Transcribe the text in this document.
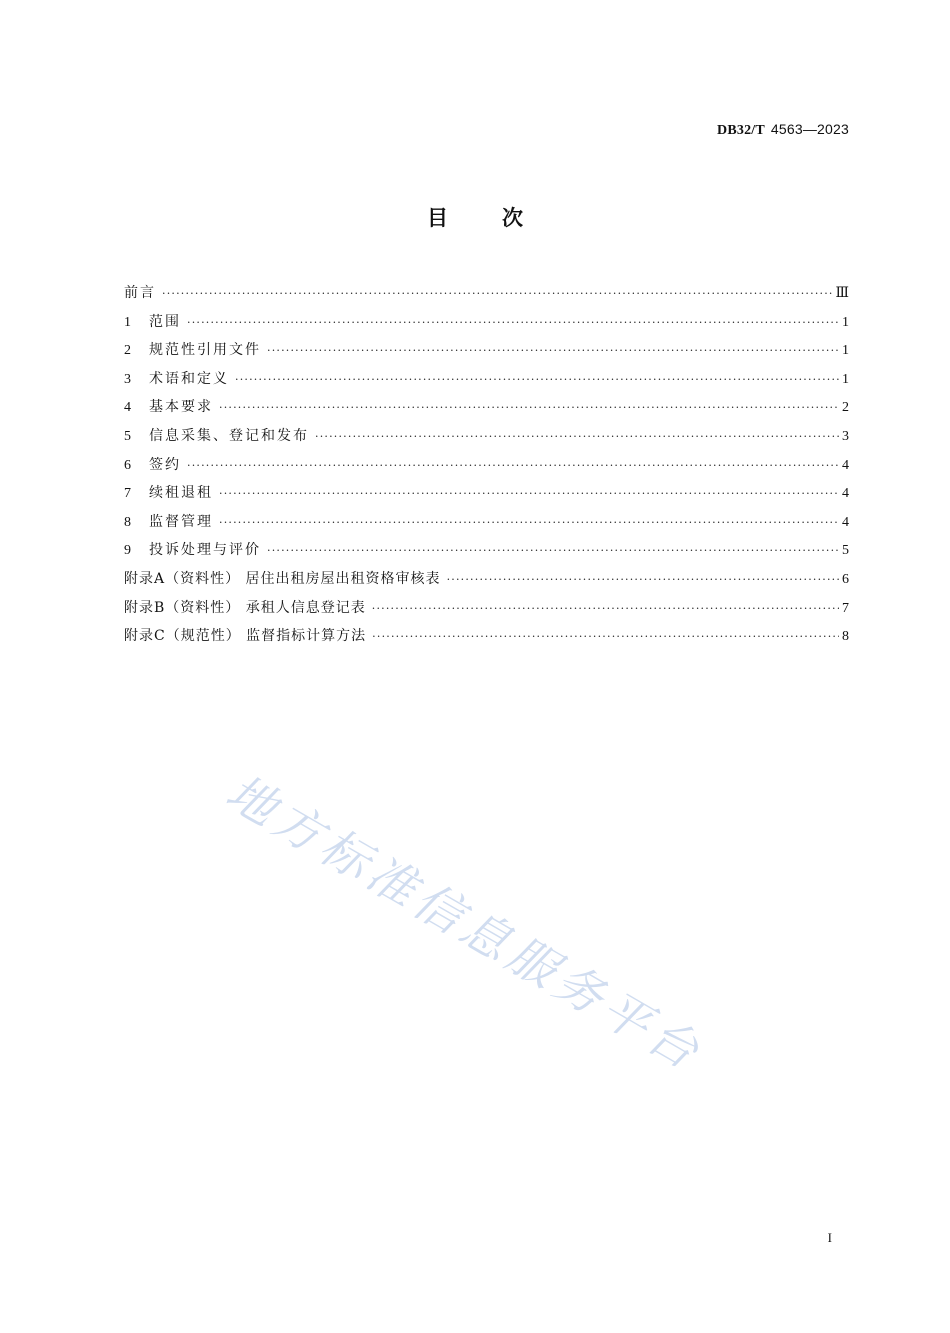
DB32/T 4563—2023
目次
前言 ·····	Ⅲ
1	范围 ·····	1
2	规范性引用文件 ·····	1
3	术语和定义 ·····	1
4	基本要求 ·····	2
5	信息采集、登记和发布 ·····	3
6	签约 ·····	4
7	续租退租 ·····	4
8	监督管理 ·····	4
9	投诉处理与评价 ·····	5
附录A（资料性） 居住出租房屋出租资格审核表 ·····	6
附录B（资料性） 承租人信息登记表 ·····	7
附录C（规范性） 监督指标计算方法 ·····	8
地方标准信息服务平台
I
